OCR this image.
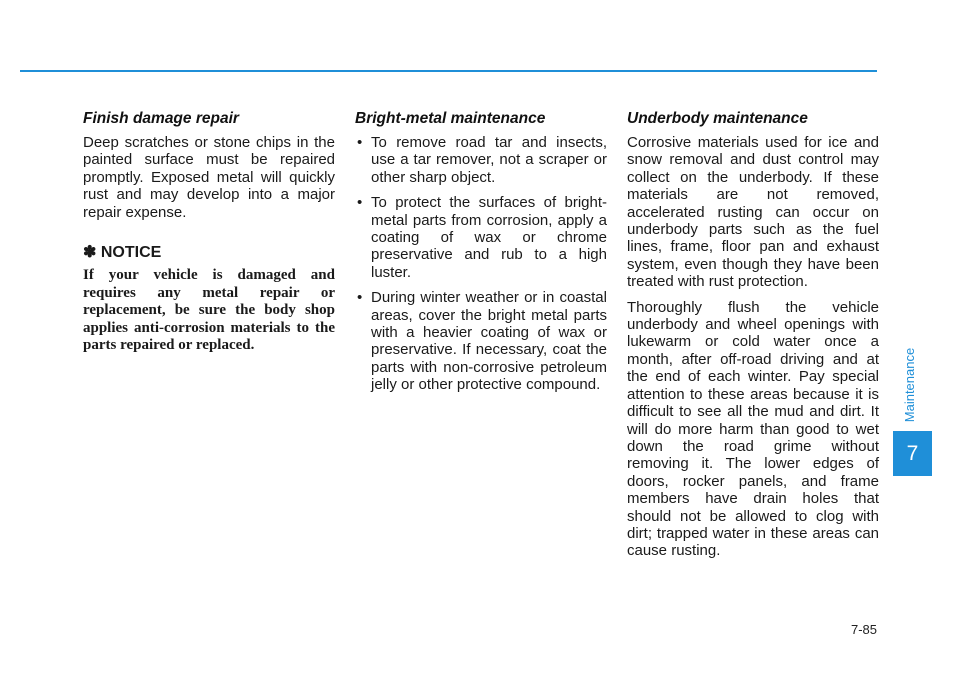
Finish damage repair

Deep scratches or stone chips in the painted surface must be repaired promptly. Exposed metal will quickly rust and may develop into a major repair expense.

✽ NOTICE
If your vehicle is damaged and requires any metal repair or replacement, be sure the body shop applies anti-corrosion materials to the parts repaired or replaced.
Bright-metal maintenance
• To remove road tar and insects, use a tar remover, not a scraper or other sharp object.
• To protect the surfaces of bright-metal parts from corrosion, apply a coating of wax or chrome preservative and rub to a high luster.
• During winter weather or in coastal areas, cover the bright metal parts with a heavier coating of wax or preservative. If necessary, coat the parts with non-corrosive petroleum jelly or other protective compound.
Underbody maintenance

Corrosive materials used for ice and snow removal and dust control may collect on the underbody. If these materials are not removed, accelerated rusting can occur on underbody parts such as the fuel lines, frame, floor pan and exhaust system, even though they have been treated with rust protection.

Thoroughly flush the vehicle underbody and wheel openings with lukewarm or cold water once a month, after off-road driving and at the end of each winter. Pay special attention to these areas because it is difficult to see all the mud and dirt. It will do more harm than good to wet down the road grime without removing it. The lower edges of doors, rocker panels, and frame members have drain holes that should not be allowed to clog with dirt; trapped water in these areas can cause rusting.

Maintenance
7
7-85
